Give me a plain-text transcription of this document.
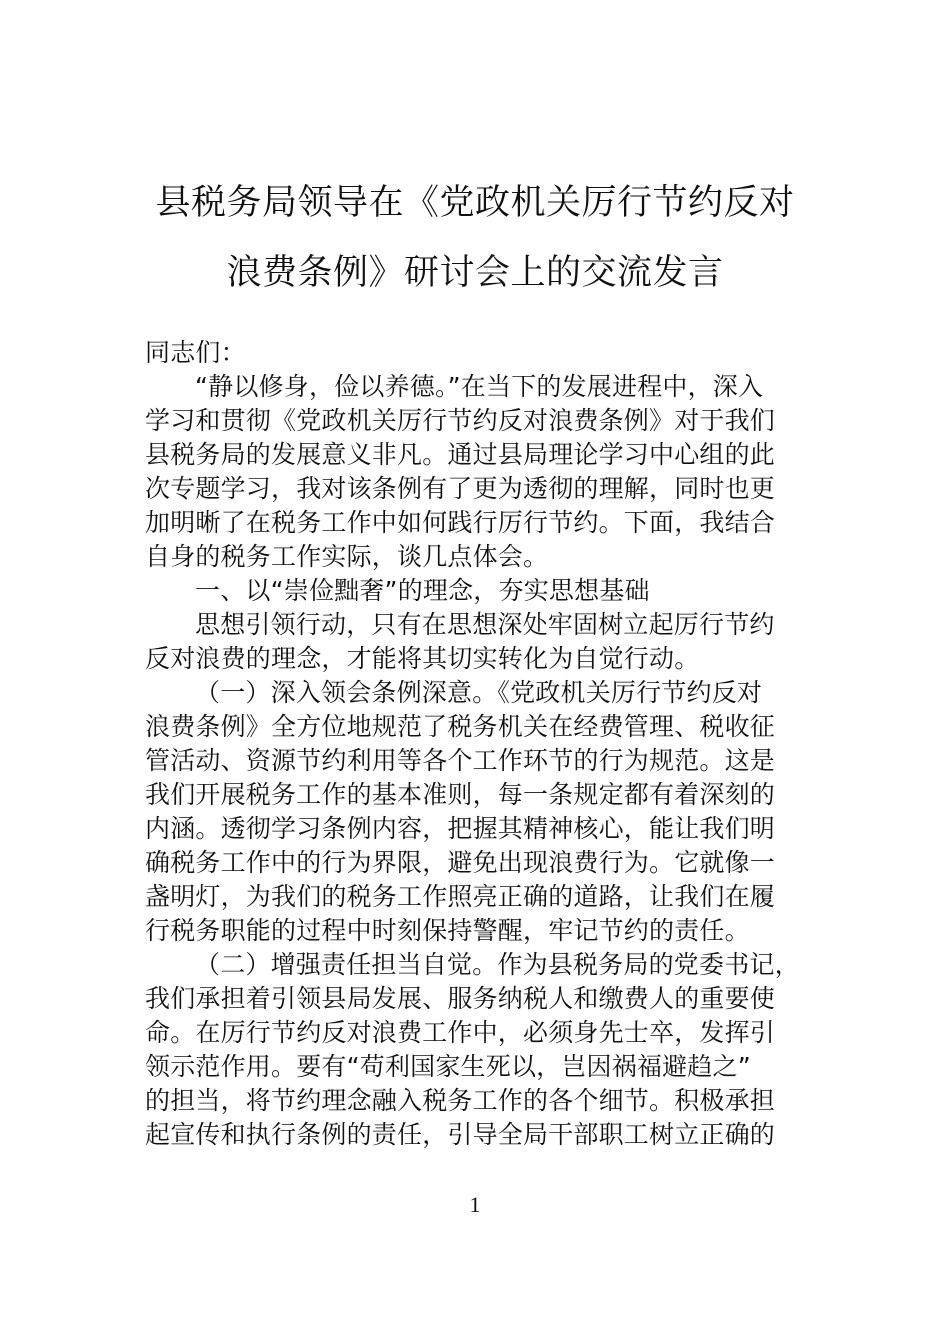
县税务局领导在《党政机关厉行节约反对
浪费条例》研讨会上的交流发言
同志们：
“静以修身，俭以养德。”在当下的发展进程中，深入
学习和贯彻《党政机关厉行节约反对浪费条例》对于我们
县税务局的发展意义非凡。通过县局理论学习中心组的此
次专题学习，我对该条例有了更为透彻的理解，同时也更
加明晰了在税务工作中如何践行厉行节约。下面，我结合
自身的税务工作实际，谈几点体会。
一、以“崇俭黜奢”的理念，夯实思想基础
思想引领行动，只有在思想深处牢固树立起厉行节约
反对浪费的理念，才能将其切实转化为自觉行动。
（一）深入领会条例深意。《党政机关厉行节约反对
浪费条例》全方位地规范了税务机关在经费管理、税收征
管活动、资源节约利用等各个工作环节的行为规范。这是
我们开展税务工作的基本准则，每一条规定都有着深刻的
内涵。透彻学习条例内容，把握其精神核心，能让我们明
确税务工作中的行为界限，避免出现浪费行为。它就像一
盏明灯，为我们的税务工作照亮正确的道路，让我们在履
行税务职能的过程中时刻保持警醒，牢记节约的责任。
（二）增强责任担当自觉。作为县税务局的党委书记，
我们承担着引领县局发展、服务纳税人和缴费人的重要使
命。在厉行节约反对浪费工作中，必须身先士卒，发挥引
领示范作用。要有“苟利国家生死以，岂因祸福避趋之”
的担当，将节约理念融入税务工作的各个细节。积极承担
起宣传和执行条例的责任，引导全局干部职工树立正确的
1
